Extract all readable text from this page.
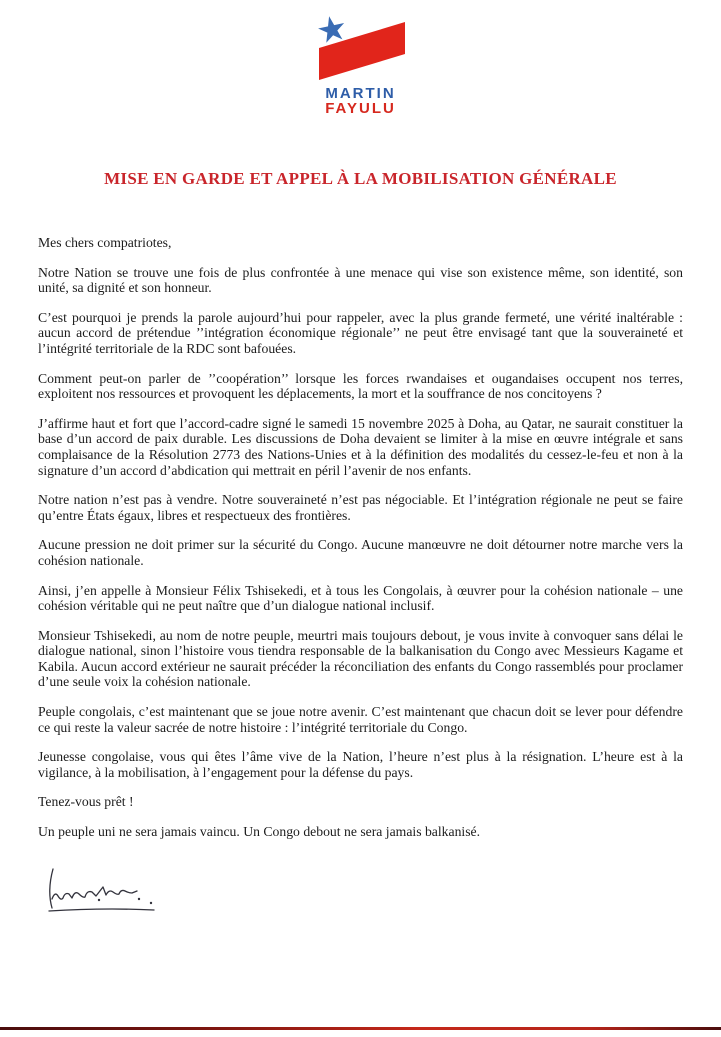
MARTIN
FAYULU
MISE EN GARDE ET APPEL À LA MOBILISATION GÉNÉRALE

Mes chers compatriotes,

Notre Nation se trouve une fois de plus confrontée à une menace qui vise son existence même, son identité, son unité, sa dignité et son honneur.

C’est pourquoi je prends la parole aujourd’hui pour rappeler, avec la plus grande fermeté, une vérité inaltérable : aucun accord de prétendue ’’intégration économique régionale’’ ne peut être envisagé tant que la souveraineté et l’intégrité territoriale de la RDC sont bafouées.

Comment peut-on parler de ’’coopération’’ lorsque les forces rwandaises et ougandaises occupent nos terres, exploitent nos ressources et provoquent les déplacements, la mort et la souffrance de nos concitoyens ?

J’affirme haut et fort que l’accord-cadre signé le samedi 15 novembre 2025 à Doha, au Qatar, ne saurait constituer la base d’un accord de paix durable. Les discussions de Doha devaient se limiter à la mise en œuvre intégrale et sans complaisance de la Résolution 2773 des Nations-Unies et à la définition des modalités du cessez-le-feu et non à la signature d’un accord d’abdication qui mettrait en péril l’avenir de nos enfants.

Notre nation n’est pas à vendre. Notre souveraineté n’est pas négociable. Et l’intégration régionale ne peut se faire qu’entre États égaux, libres et respectueux des frontières.

Aucune pression ne doit primer sur la sécurité du Congo. Aucune manœuvre ne doit détourner notre marche vers la cohésion nationale.

Ainsi, j’en appelle à Monsieur Félix Tshisekedi, et à tous les Congolais, à œuvrer pour la cohésion nationale – une cohésion véritable qui ne peut naître que d’un dialogue national inclusif.

Monsieur Tshisekedi, au nom de notre peuple, meurtri mais toujours debout, je vous invite à convoquer sans délai le dialogue national, sinon l’histoire vous tiendra responsable de la balkanisation du Congo avec Messieurs Kagame et Kabila. Aucun accord extérieur ne saurait précéder la réconciliation des enfants du Congo rassemblés pour proclamer d’une seule voix la cohésion nationale.

Peuple congolais, c’est maintenant que se joue notre avenir. C’est maintenant que chacun doit se lever pour défendre ce qui reste la valeur sacrée de notre histoire : l’intégrité territoriale du Congo.

Jeunesse congolaise, vous qui êtes l’âme vive de la Nation, l’heure n’est plus à la résignation. L’heure est à la vigilance, à la mobilisation, à l’engagement pour la défense du pays.

Tenez-vous prêt !

Un peuple uni ne sera jamais vaincu. Un Congo debout ne sera jamais balkanisé.
